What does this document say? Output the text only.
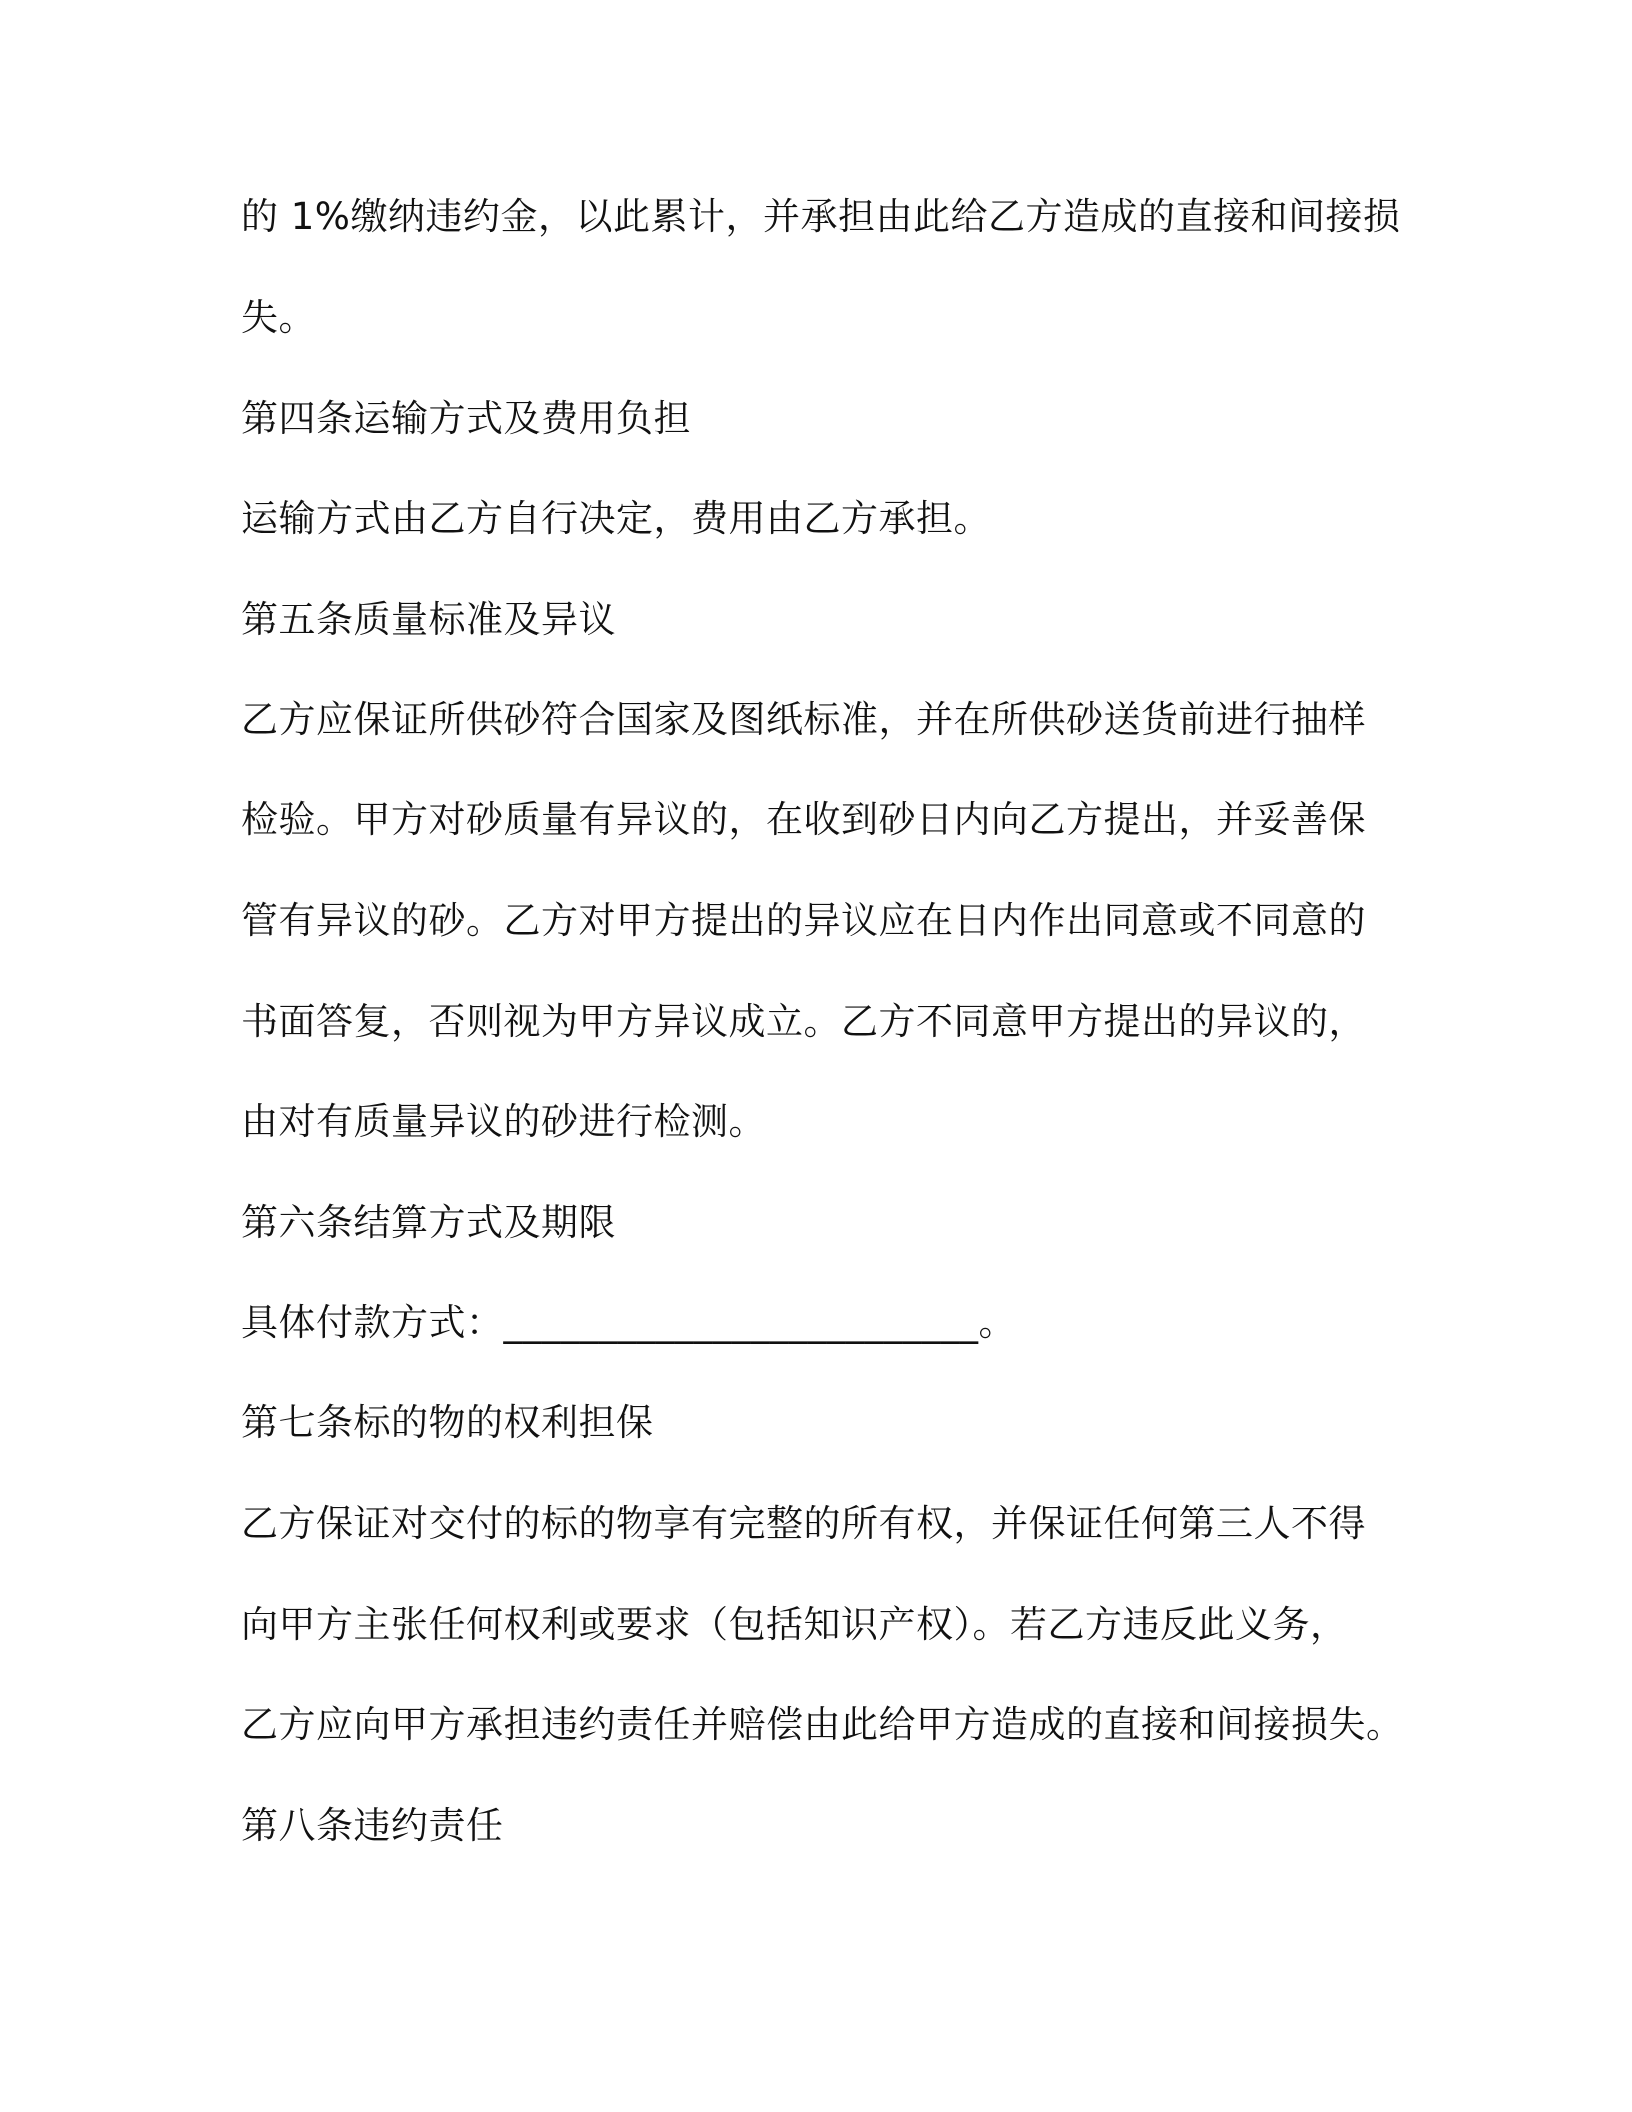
的 1%缴纳违约金，以此累计，并承担由此给乙方造成的直接和间接损
失。
第四条运输方式及费用负担
运输方式由乙方自行决定，费用由乙方承担。
第五条质量标准及异议
乙方应保证所供砂符合国家及图纸标准，并在所供砂送货前进行抽样
检验。甲方对砂质量有异议的，在收到砂日内向乙方提出，并妥善保
管有异议的砂。乙方对甲方提出的异议应在日内作出同意或不同意的
书面答复，否则视为甲方异议成立。乙方不同意甲方提出的异议的，
由对有质量异议的砂进行检测。
第六条结算方式及期限
具体付款方式：_________________________。
第七条标的物的权利担保
乙方保证对交付的标的物享有完整的所有权，并保证任何第三人不得
向甲方主张任何权利或要求（包括知识产权）。若乙方违反此义务，
乙方应向甲方承担违约责任并赔偿由此给甲方造成的直接和间接损失。
第八条违约责任
